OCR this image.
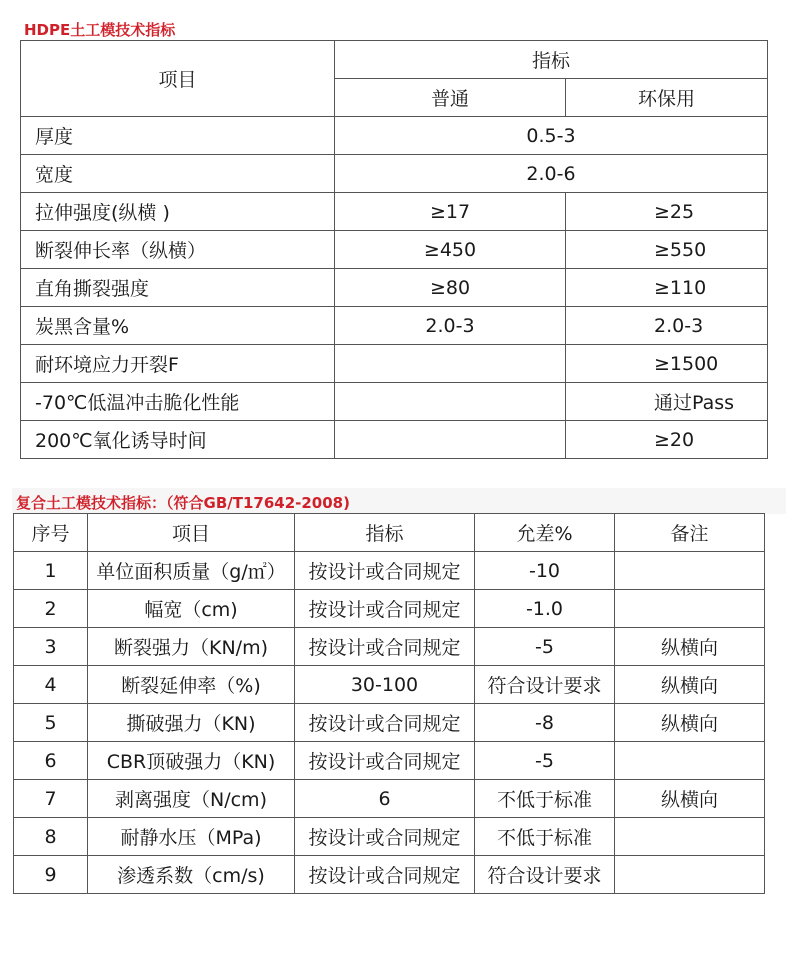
HDPE土工模技术指标
项目	指标	
	普通	环保用
厚度	0.5-3	
宽度	2.0-6	
拉伸强度(纵横 )	≥17	≥25
断裂伸长率（纵横）	≥450	≥550
直角撕裂强度	≥80	≥110
炭黑含量%	2.0-3	2.0-3
耐环境应力开裂F		≥1500
-70℃低温冲击脆化性能		通过Pass
200℃氧化诱导时间		≥20
复合土工模技术指标：（符合GB/T17642-2008)
序号	项目	指标	允差%	备注
1	单位面积质量（g/㎡）	按设计或合同规定	-10	
2	幅宽（cm)	按设计或合同规定	-1.0	
3	断裂强力（KN/m)	按设计或合同规定	-5	纵横向
4	断裂延伸率（%)	30-100	符合设计要求	纵横向
5	撕破强力（KN)	按设计或合同规定	-8	纵横向
6	CBR顶破强力（KN)	按设计或合同规定	-5	
7	剥离强度（N/cm)	6	不低于标准	纵横向
8	耐静水压（MPa)	按设计或合同规定	不低于标准	
9	渗透系数（cm/s)	按设计或合同规定	符合设计要求	
